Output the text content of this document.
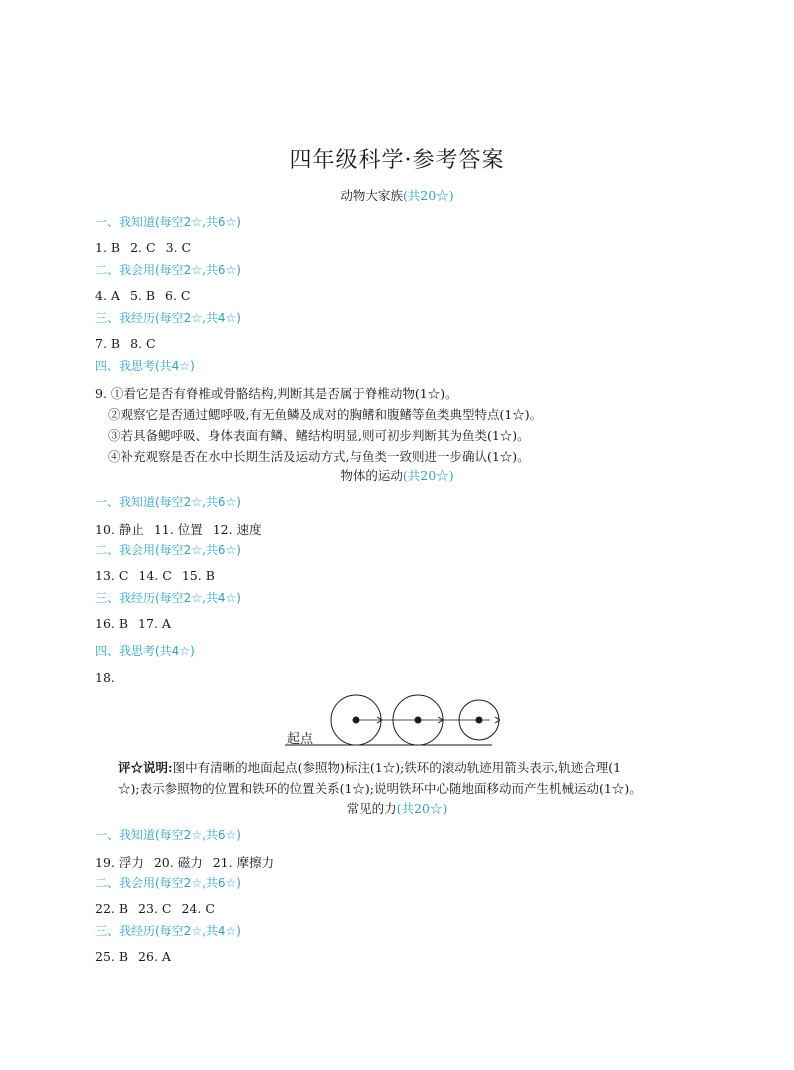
四年级科学·参考答案
动物大家族(共20☆)
一、我知道(每空2☆,共6☆)
1. B 2. C 3. C
二、我会用(每空2☆,共6☆)
4. A 5. B 6. C
三、我经历(每空2☆,共4☆)
7. B 8. C
四、我思考(共4☆)
9. ①看它是否有脊椎或骨骼结构,判断其是否属于脊椎动物(1☆)。
②观察它是否通过鳃呼吸,有无鱼鳞及成对的胸鳍和腹鳍等鱼类典型特点(1☆)。
③若具备鳃呼吸、身体表面有鳞、鳍结构明显,则可初步判断其为鱼类(1☆)。
④补充观察是否在水中长期生活及运动方式,与鱼类一致则进一步确认(1☆)。
物体的运动(共20☆)
一、我知道(每空2☆,共6☆)
10. 静止 11. 位置 12. 速度
二、我会用(每空2☆,共6☆)
13. C 14. C 15. B
三、我经历(每空2☆,共4☆)
16. B 17. A
四、我思考(共4☆)
18.
起点
评☆说明:图中有清晰的地面起点(参照物)标注(1☆);铁环的滚动轨迹用箭头表示,轨迹合理(1
☆);表示参照物的位置和铁环的位置关系(1☆);说明铁环中心随地面移动而产生机械运动(1☆)。
常见的力(共20☆)
一、我知道(每空2☆,共6☆)
19. 浮力 20. 磁力 21. 摩擦力
二、我会用(每空2☆,共6☆)
22. B 23. C 24. C
三、我经历(每空2☆,共4☆)
25. B 26. A
